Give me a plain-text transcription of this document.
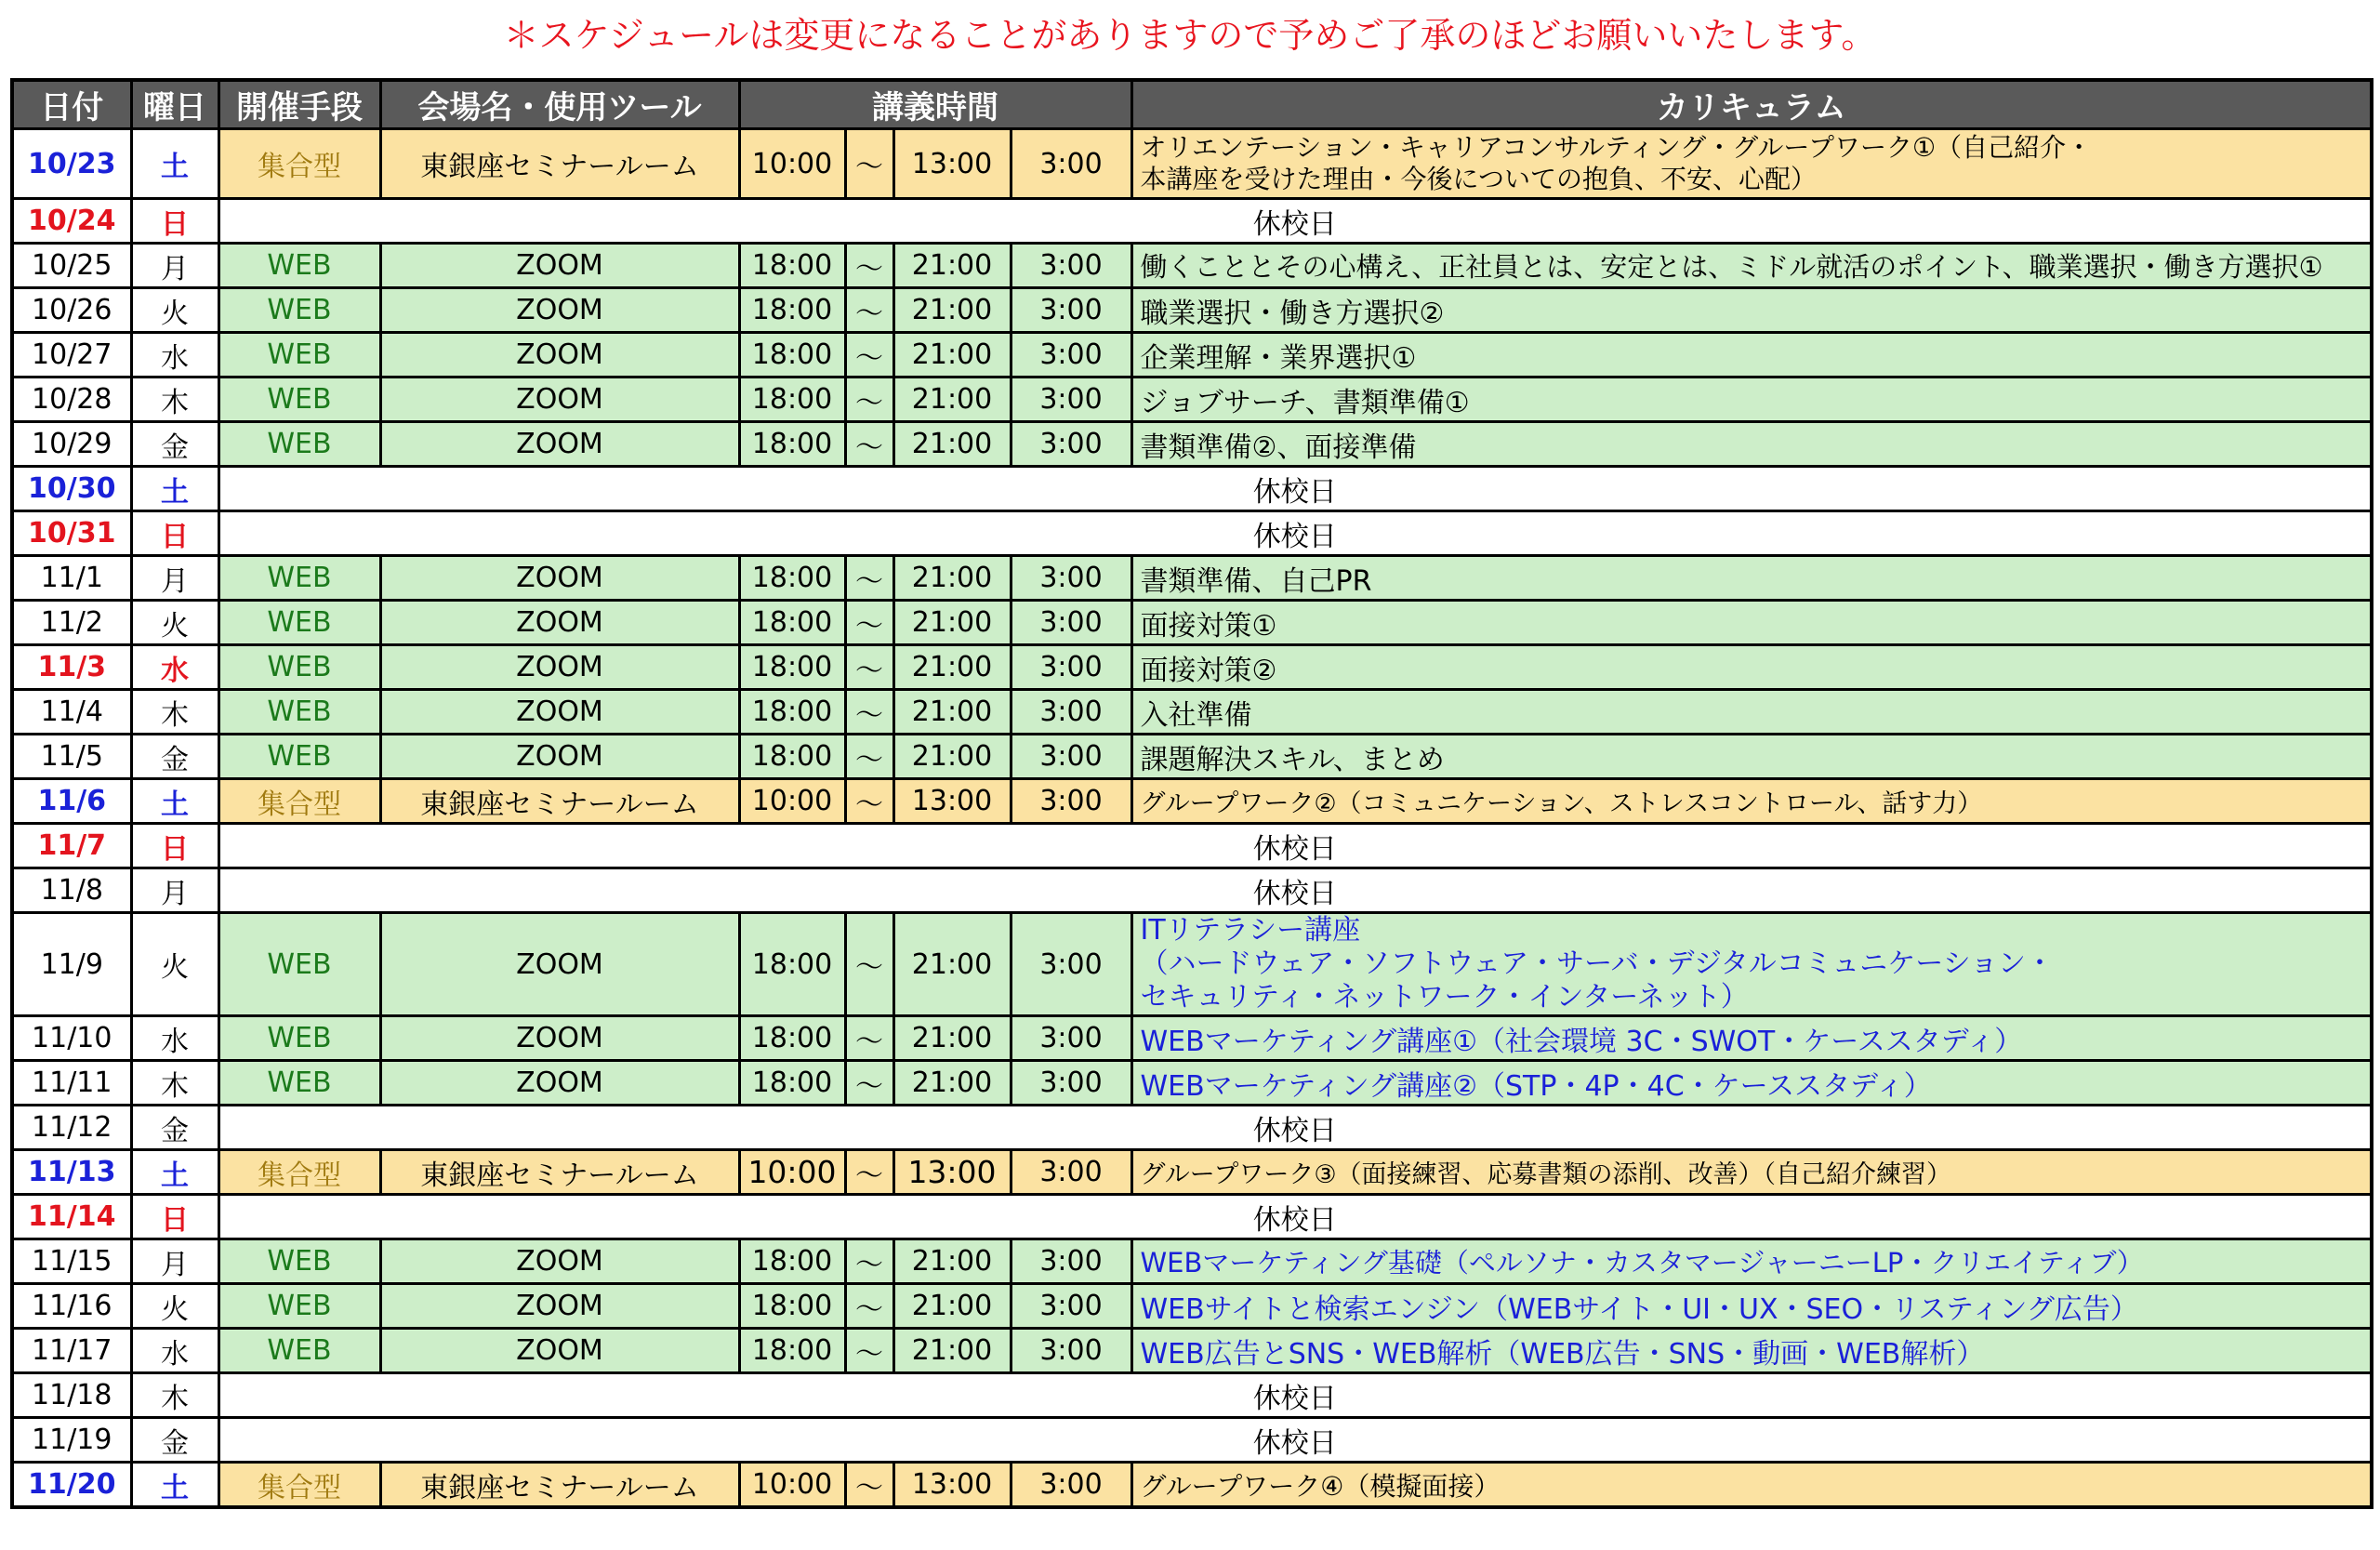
＊スケジュールは変更になることがありますので予めご了承のほどお願いいたします。
日付	曜日	開催手段	会場名・使用ツール	講義時間				カリキュラム
10/23	土	集合型	東銀座セミナールーム	10:00	～	13:00	3:00	オリエンテーション・キャリアコンサルティング・グループワーク①（自己紹介・
本講座を受けた理由・今後についての抱負、不安、心配）
10/24	日	休校日						
10/25	月	WEB	ZOOM	18:00	～	21:00	3:00	働くこととその心構え、正社員とは、安定とは、ミドル就活のポイント、職業選択・働き方選択①
10/26	火	WEB	ZOOM	18:00	～	21:00	3:00	職業選択・働き方選択②
10/27	水	WEB	ZOOM	18:00	～	21:00	3:00	企業理解・業界選択①
10/28	木	WEB	ZOOM	18:00	～	21:00	3:00	ジョブサーチ、書類準備①
10/29	金	WEB	ZOOM	18:00	～	21:00	3:00	書類準備②、面接準備
10/30	土	休校日						
10/31	日	休校日						
11/1	月	WEB	ZOOM	18:00	～	21:00	3:00	書類準備、自己PR
11/2	火	WEB	ZOOM	18:00	～	21:00	3:00	面接対策①
11/3	水	WEB	ZOOM	18:00	～	21:00	3:00	面接対策②
11/4	木	WEB	ZOOM	18:00	～	21:00	3:00	入社準備
11/5	金	WEB	ZOOM	18:00	～	21:00	3:00	課題解決スキル、まとめ
11/6	土	集合型	東銀座セミナールーム	10:00	～	13:00	3:00	グループワーク②（コミュニケーション、ストレスコントロール、話す力）
11/7	日	休校日						
11/8	月	休校日						
11/9	火	WEB	ZOOM	18:00	～	21:00	3:00	ITリテラシー講座
（ハードウェア・ソフトウェア・サーバ・デジタルコミュニケーション・
セキュリティ・ネットワーク・インターネット）
11/10	水	WEB	ZOOM	18:00	～	21:00	3:00	WEBマーケティング講座①（社会環境 3C・SWOT・ケーススタディ）
11/11	木	WEB	ZOOM	18:00	～	21:00	3:00	WEBマーケティング講座②（STP・4P・4C・ケーススタディ）
11/12	金	休校日						
11/13	土	集合型	東銀座セミナールーム	10:00	～	13:00	3:00	グループワーク③（面接練習、応募書類の添削、改善）（自己紹介練習）
11/14	日	休校日						
11/15	月	WEB	ZOOM	18:00	～	21:00	3:00	WEBマーケティング基礎（ペルソナ・カスタマージャーニーLP・クリエイティブ）
11/16	火	WEB	ZOOM	18:00	～	21:00	3:00	WEBサイトと検索エンジン（WEBサイト・UI・UX・SEO・リスティング広告）
11/17	水	WEB	ZOOM	18:00	～	21:00	3:00	WEB広告とSNS・WEB解析（WEB広告・SNS・動画・WEB解析）
11/18	木	休校日						
11/19	金	休校日						
11/20	土	集合型	東銀座セミナールーム	10:00	～	13:00	3:00	グループワーク④（模擬面接）
